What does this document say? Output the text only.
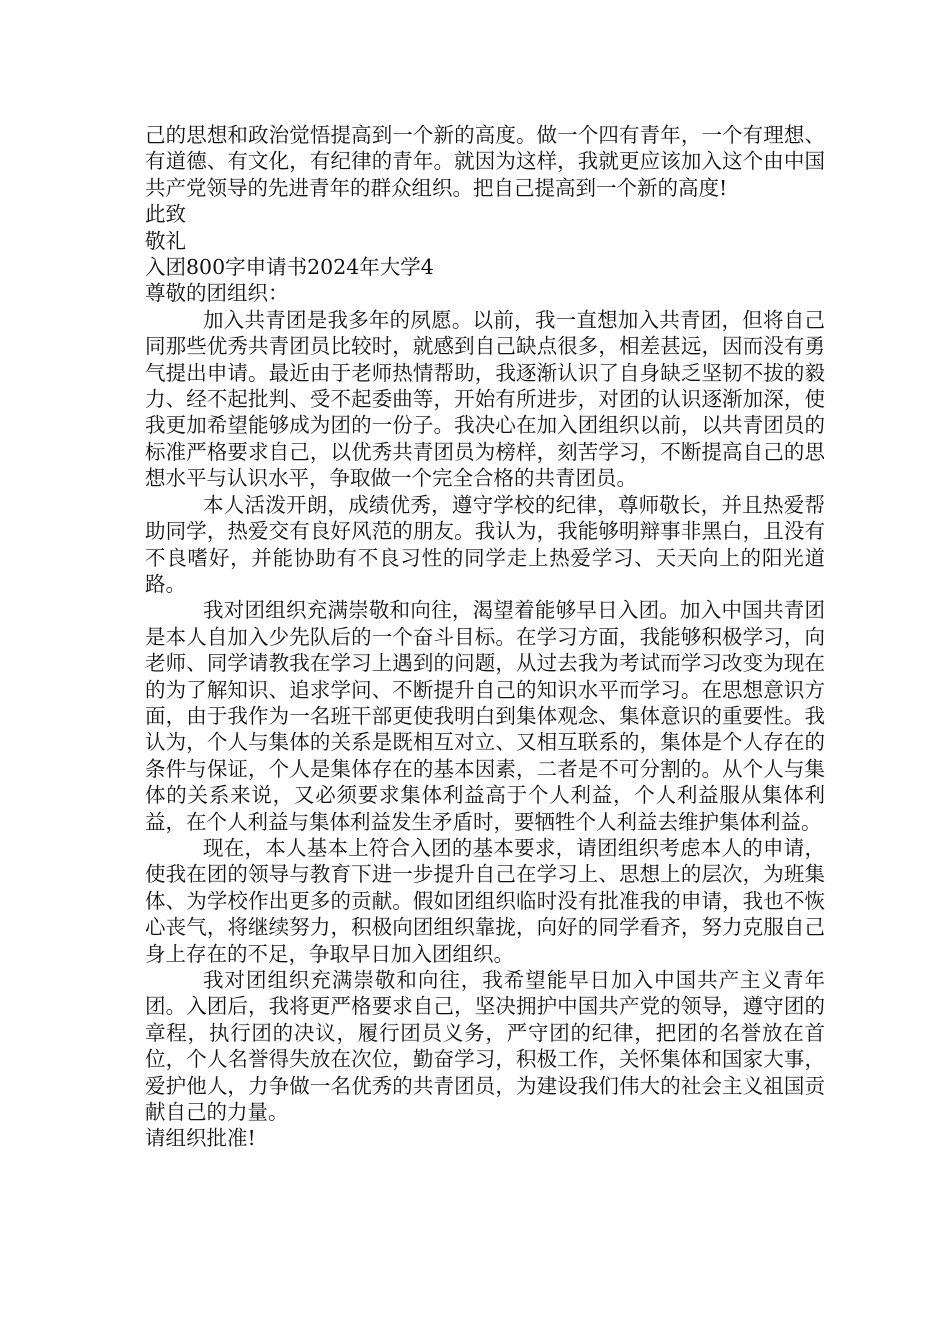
己的思想和政治觉悟提高到一个新的高度。做一个四有青年，一个有理想、有道德、有文化，有纪律的青年。就因为这样，我就更应该加入这个由中国共产党领导的先进青年的群众组织。把自己提高到一个新的高度!

此致

敬礼

入团800字申请书2024年大学4

尊敬的团组织：

加入共青团是我多年的夙愿。以前，我一直想加入共青团，但将自己同那些优秀共青团员比较时，就感到自己缺点很多，相差甚远，因而没有勇气提出申请。最近由于老师热情帮助，我逐渐认识了自身缺乏坚韧不拔的毅力、经不起批判、受不起委曲等，开始有所进步，对团的认识逐渐加深，使我更加希望能够成为团的一份子。我决心在加入团组织以前，以共青团员的标准严格要求自己，以优秀共青团员为榜样，刻苦学习，不断提高自己的思想水平与认识水平，争取做一个完全合格的共青团员。

本人活泼开朗，成绩优秀，遵守学校的纪律，尊师敬长，并且热爱帮助同学，热爱交有良好风范的朋友。我认为，我能够明辩事非黑白，且没有不良嗜好，并能协助有不良习性的同学走上热爱学习、天天向上的阳光道路。

我对团组织充满崇敬和向往，渴望着能够早日入团。加入中国共青团是本人自加入少先队后的一个奋斗目标。在学习方面，我能够积极学习，向老师、同学请教我在学习上遇到的问题，从过去我为考试而学习改变为现在的为了解知识、追求学问、不断提升自己的知识水平而学习。在思想意识方面，由于我作为一名班干部更使我明白到集体观念、集体意识的重要性。我认为，个人与集体的关系是既相互对立、又相互联系的，集体是个人存在的条件与保证，个人是集体存在的基本因素，二者是不可分割的。从个人与集体的关系来说，又必须要求集体利益高于个人利益，个人利益服从集体利益，在个人利益与集体利益发生矛盾时，要牺牲个人利益去维护集体利益。

现在，本人基本上符合入团的基本要求，请团组织考虑本人的申请，使我在团的领导与教育下进一步提升自己在学习上、思想上的层次，为班集体、为学校作出更多的贡献。假如团组织临时没有批准我的申请，我也不恢心丧气，将继续努力，积极向团组织靠拢，向好的同学看齐，努力克服自己身上存在的不足，争取早日加入团组织。

我对团组织充满崇敬和向往，我希望能早日加入中国共产主义青年团。入团后，我将更严格要求自己，坚决拥护中国共产党的领导，遵守团的章程，执行团的决议，履行团员义务，严守团的纪律，把团的名誉放在首位，个人名誉得失放在次位，勤奋学习，积极工作，关怀集体和国家大事，爱护他人，力争做一名优秀的共青团员，为建设我们伟大的社会主义祖国贡献自己的力量。

请组织批准!
